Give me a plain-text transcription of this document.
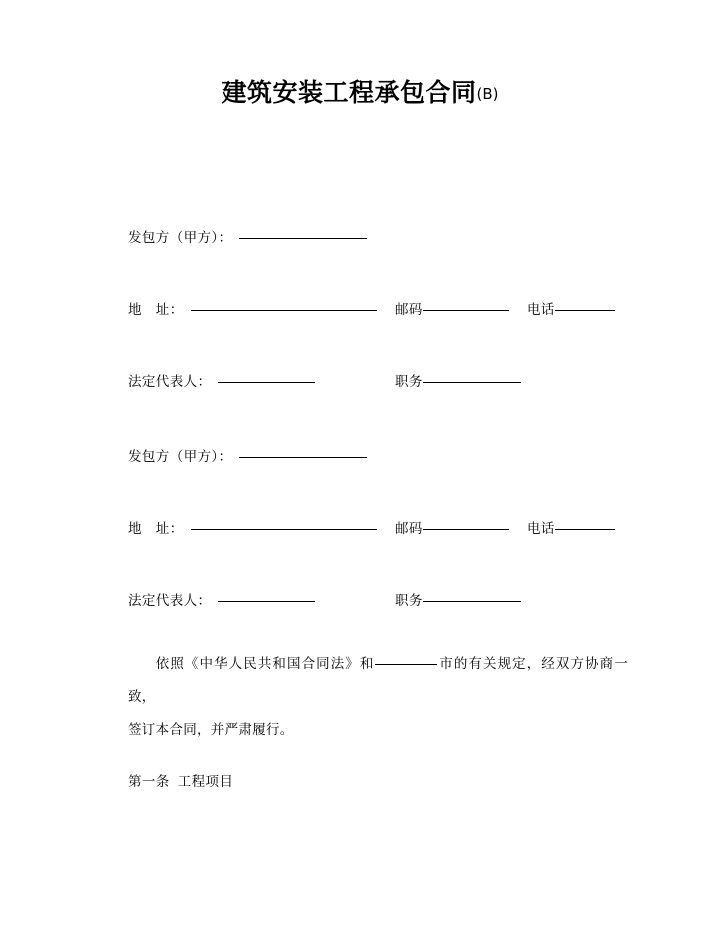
建筑安装工程承包合同(B)
发包方（甲方）：
地　址：	邮码	电话
法定代表人：	职务
发包方（甲方）：
地　址：	邮码	电话
法定代表人：	职务
依照《中华人民共和国合同法》和	市的有关规定，经双方协商一致，
签订本合同，并严肃履行。
第一条 工程项目
